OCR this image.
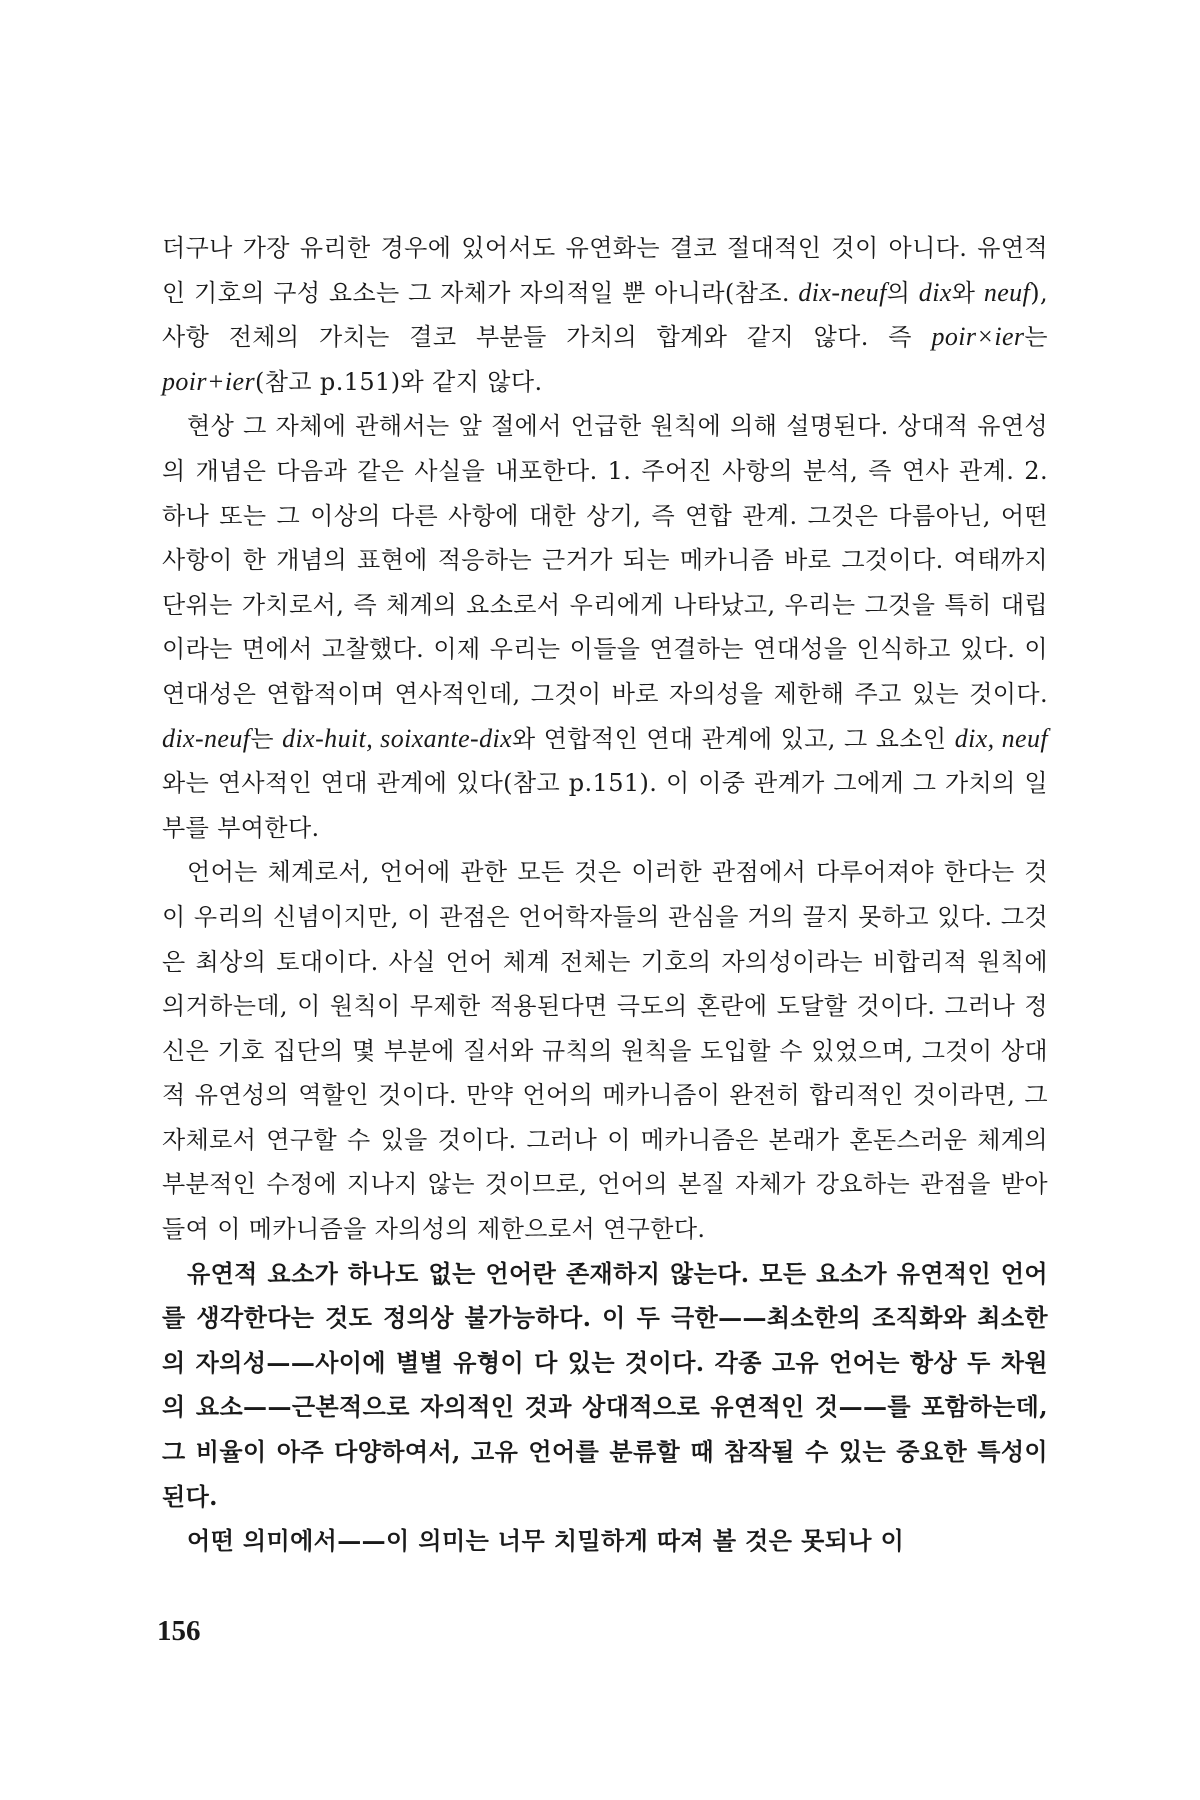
더구나 가장 유리한 경우에 있어서도 유연화는 결코 절대적인 것이 아니다. 유연적인 기호의 구성 요소는 그 자체가 자의적일 뿐 아니라(참조. dix-neuf의 dix와 neuf), 사항 전체의 가치는 결코 부분들 가치의 합계와 같지 않다. 즉 poir×ier는 poir+ier(참고 p.151)와 같지 않다.

현상 그 자체에 관해서는 앞 절에서 언급한 원칙에 의해 설명된다. 상대적 유연성의 개념은 다음과 같은 사실을 내포한다. 1. 주어진 사항의 분석, 즉 연사 관계. 2. 하나 또는 그 이상의 다른 사항에 대한 상기, 즉 연합 관계. 그것은 다름아닌, 어떤 사항이 한 개념의 표현에 적응하는 근거가 되는 메카니즘 바로 그것이다. 여태까지 단위는 가치로서, 즉 체계의 요소로서 우리에게 나타났고, 우리는 그것을 특히 대립이라는 면에서 고찰했다. 이제 우리는 이들을 연결하는 연대성을 인식하고 있다. 이 연대성은 연합적이며 연사적인데, 그것이 바로 자의성을 제한해 주고 있는 것이다. dix-neuf는 dix-huit, soixante-dix와 연합적인 연대 관계에 있고, 그 요소인 dix, neuf와는 연사적인 연대 관계에 있다(참고 p.151). 이 이중 관계가 그에게 그 가치의 일부를 부여한다.

언어는 체계로서, 언어에 관한 모든 것은 이러한 관점에서 다루어져야 한다는 것이 우리의 신념이지만, 이 관점은 언어학자들의 관심을 거의 끌지 못하고 있다. 그것은 최상의 토대이다. 사실 언어 체계 전체는 기호의 자의성이라는 비합리적 원칙에 의거하는데, 이 원칙이 무제한 적용된다면 극도의 혼란에 도달할 것이다. 그러나 정신은 기호 집단의 몇 부분에 질서와 규칙의 원칙을 도입할 수 있었으며, 그것이 상대적 유연성의 역할인 것이다. 만약 언어의 메카니즘이 완전히 합리적인 것이라면, 그 자체로서 연구할 수 있을 것이다. 그러나 이 메카니즘은 본래가 혼돈스러운 체계의 부분적인 수정에 지나지 않는 것이므로, 언어의 본질 자체가 강요하는 관점을 받아들여 이 메카니즘을 자의성의 제한으로서 연구한다.

유연적 요소가 하나도 없는 언어란 존재하지 않는다. 모든 요소가 유연적인 언어를 생각한다는 것도 정의상 불가능하다. 이 두 극한——최소한의 조직화와 최소한의 자의성——사이에 별별 유형이 다 있는 것이다. 각종 고유 언어는 항상 두 차원의 요소——근본적으로 자의적인 것과 상대적으로 유연적인 것——를 포함하는데, 그 비율이 아주 다양하여서, 고유 언어를 분류할 때 참작될 수 있는 중요한 특성이 된다.

어떤 의미에서——이 의미는 너무 치밀하게 따져 볼 것은 못되나 이

156
